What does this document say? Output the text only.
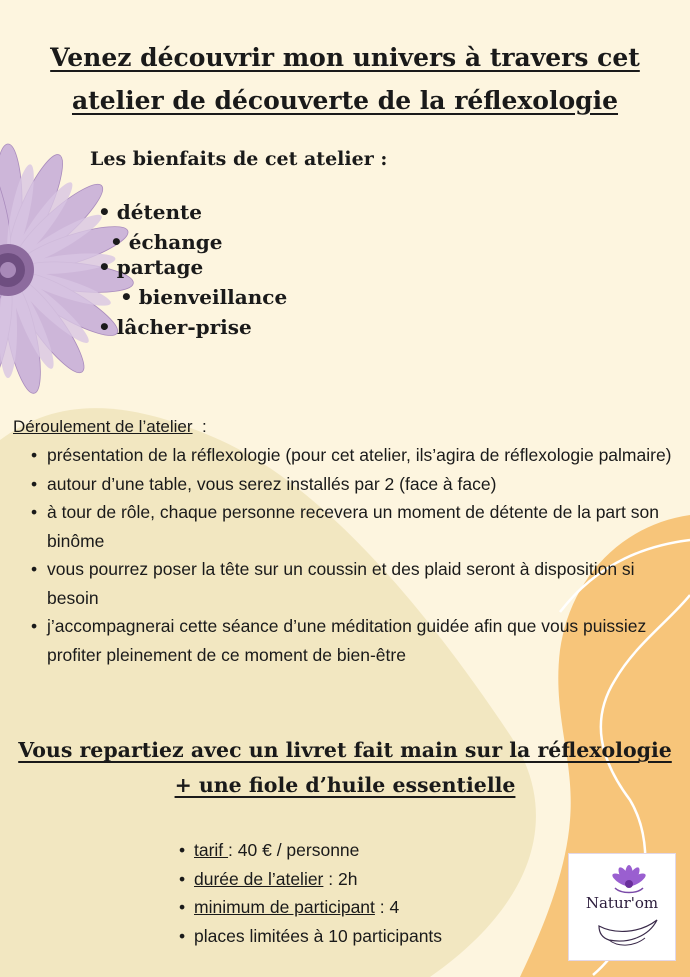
Venez découvrir mon univers à travers cet
atelier de découverte de la réflexologie
Les bienfaits de cet atelier :
• détente
• échange
• partage
• bienveillance
• lâcher-prise

Déroulement de l’atelier  :

• présentation de la réflexologie (pour cet atelier, ils’agira de réflexologie palmaire)
• autour d’une table, vous serez installés par 2 (face à face)
• à tour de rôle, chaque personne recevera un moment de détente de la part son binôme
• vous pourrez poser la tête sur un coussin et des plaid seront à disposition si besoin
• j’accompagnerai cette séance d’une méditation guidée afin que vous puissiez profiter pleinement de ce moment de bien-être
Vous repartiez avec un livret fait main sur la réflexologie
+ une fiole d’huile essentielle
• tarif : 40 € / personne
• durée de l’atelier : 2h
• minimum de participant : 4
• places limitées à 10 participants
Natur'om
